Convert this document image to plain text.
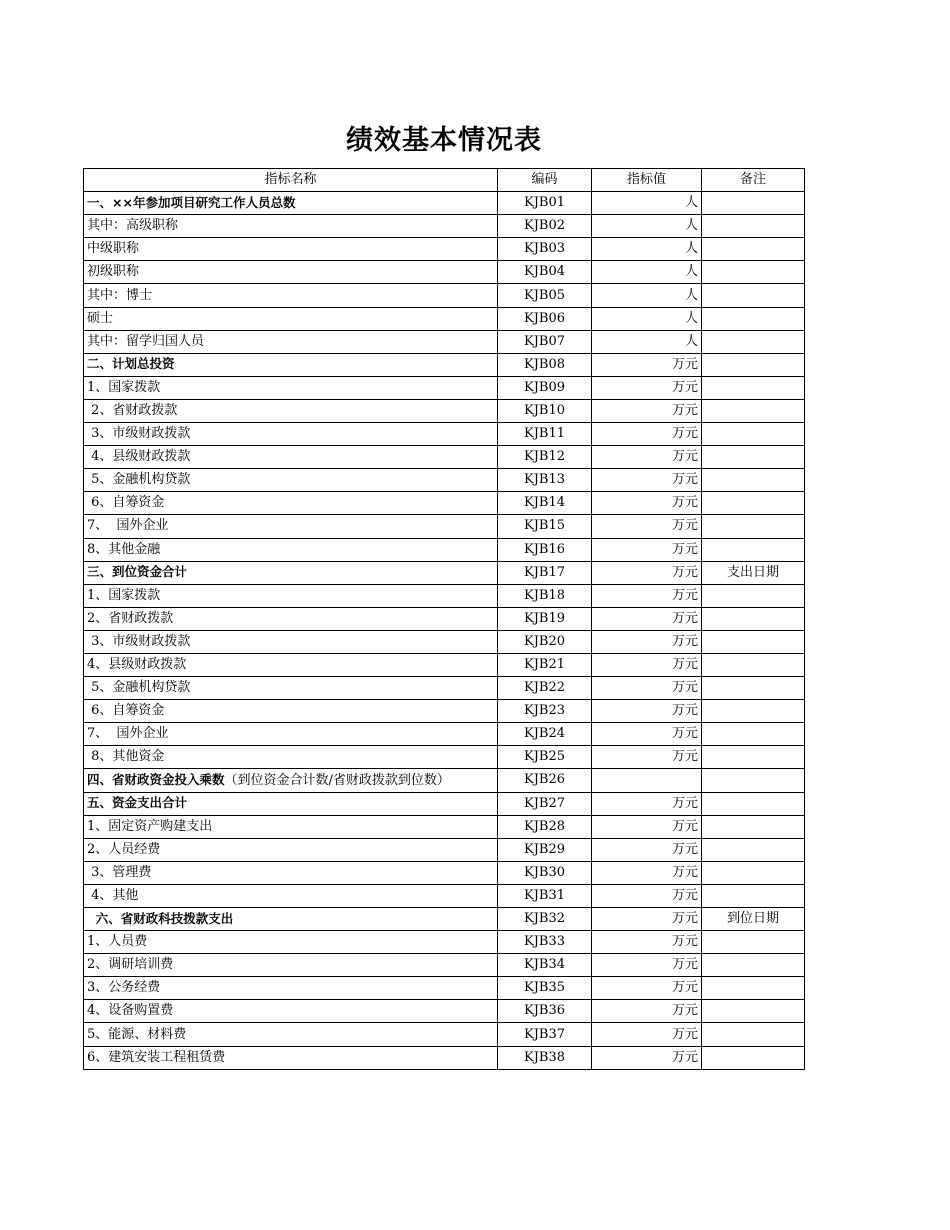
绩效基本情况表
指标名称	编码	指标值	备注
一、××年参加项目研究工作人员总数	KJB01	人	
其中：高级职称	KJB02	人	
中级职称	KJB03	人	
初级职称	KJB04	人	
其中：博士	KJB05	人	
硕士	KJB06	人	
其中：留学归国人员	KJB07	人	
二、计划总投资	KJB08	万元	
1、国家拨款	KJB09	万元	
2、省财政拨款	KJB10	万元	
3、市级财政拨款	KJB11	万元	
4、县级财政拨款	KJB12	万元	
5、金融机构贷款	KJB13	万元	
6、自筹资金	KJB14	万元	
7、  国外企业	KJB15	万元	
8、其他金融	KJB16	万元	
三、到位资金合计	KJB17	万元	支出日期
1、国家拨款	KJB18	万元	
2、省财政拨款	KJB19	万元	
3、市级财政拨款	KJB20	万元	
4、县级财政拨款	KJB21	万元	
5、金融机构贷款	KJB22	万元	
6、自筹资金	KJB23	万元	
7、  国外企业	KJB24	万元	
8、其他资金	KJB25	万元	
四、省财政资金投入乘数（到位资金合计数/省财政拨款到位数）	KJB26		
五、资金支出合计	KJB27	万元	
1、固定资产购建支出	KJB28	万元	
2、人员经费	KJB29	万元	
3、管理费	KJB30	万元	
4、其他	KJB31	万元	
六、省财政科技拨款支出	KJB32	万元	到位日期
1、人员费	KJB33	万元	
2、调研培训费	KJB34	万元	
3、公务经费	KJB35	万元	
4、设备购置费	KJB36	万元	
5、能源、材料费	KJB37	万元	
6、建筑安装工程租赁费	KJB38	万元	
